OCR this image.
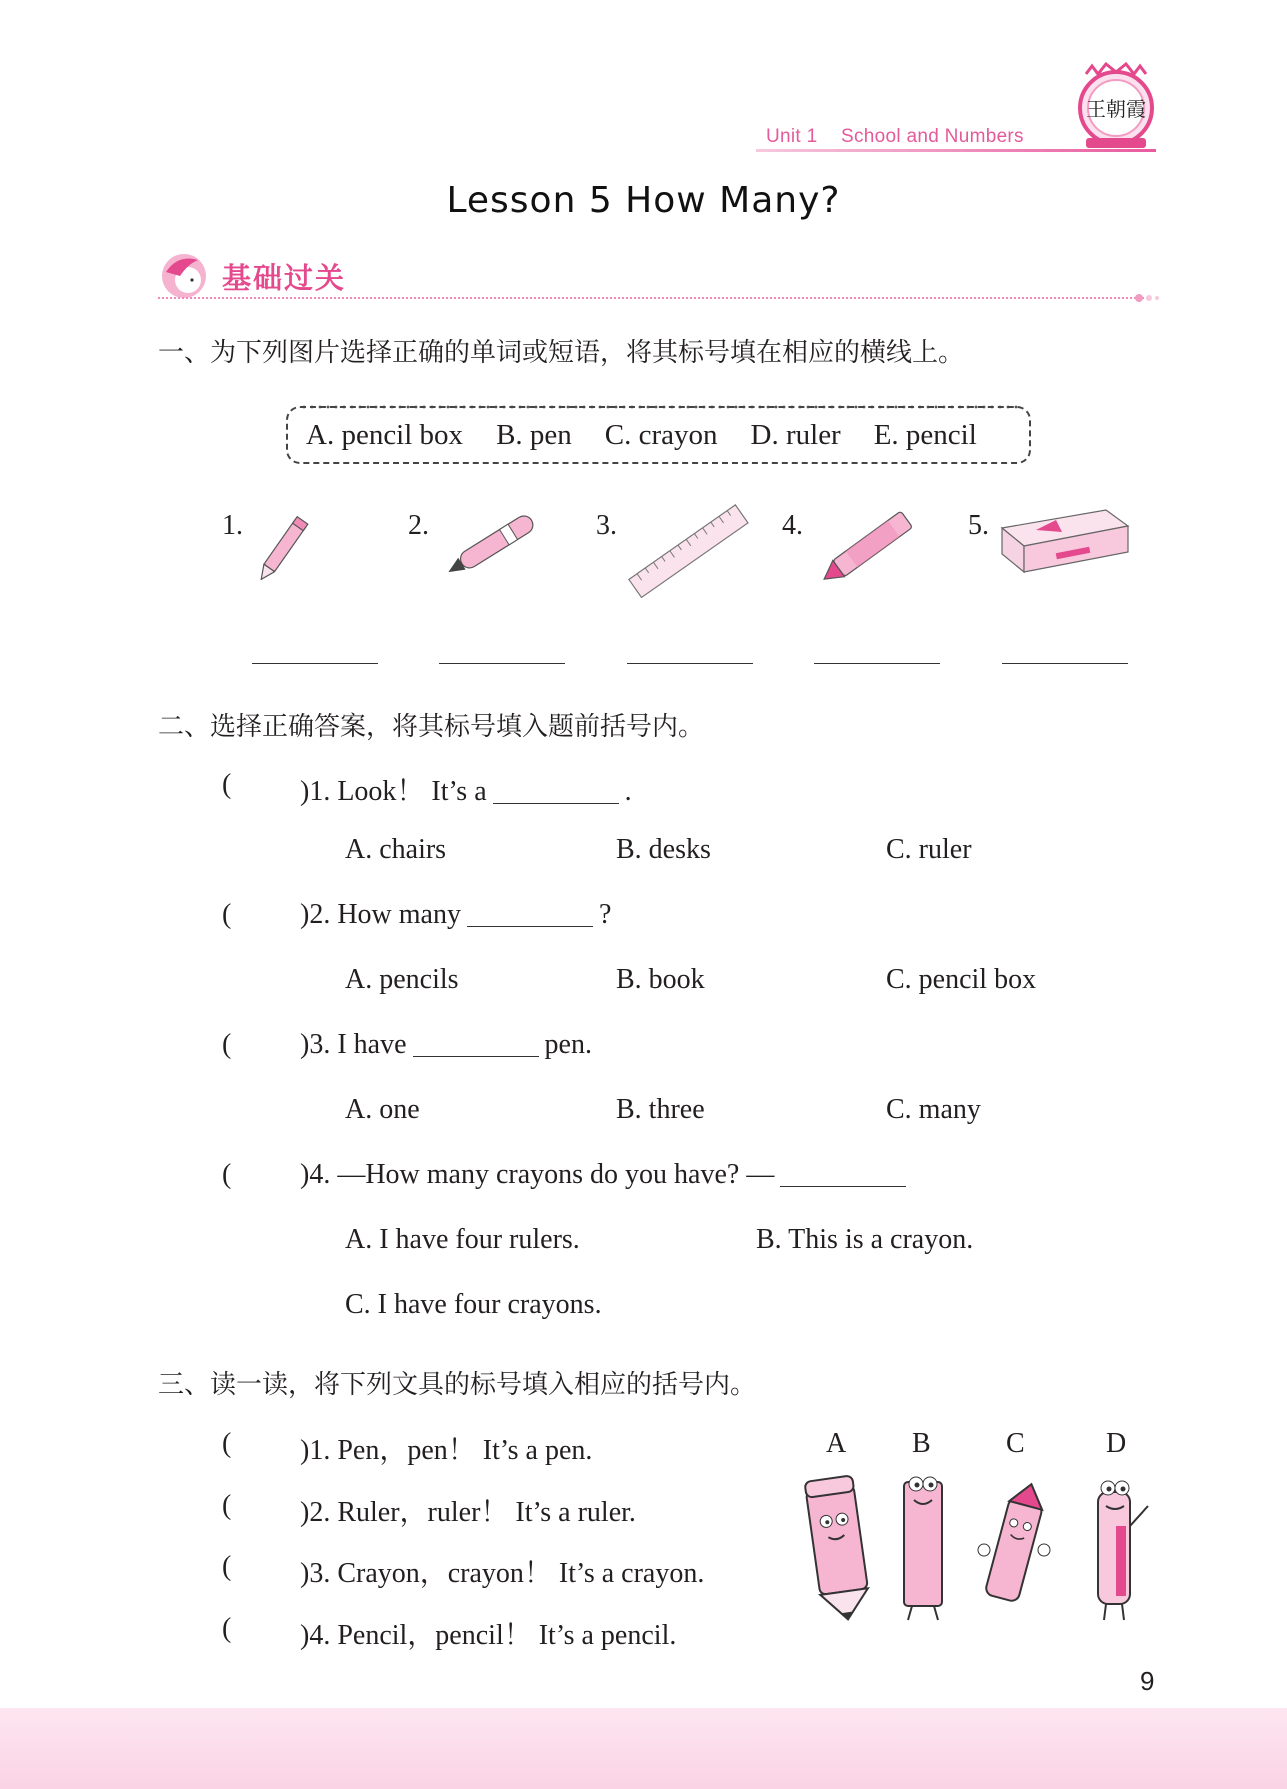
Unit 1 School and Numbers
王朝霞
Lesson 5 How Many?
基础过关
一、为下列图片选择正确的单词或短语，将其标号填在相应的横线上。
A. pencil box B. pen C. crayon D. ruler E. pencil
1.	2.	3.	4.	5.
二、选择正确答案，将其标号填入题前括号内。
( )1. Look！ It’s a	.
A. chairs	B. desks	C. ruler
( )2. How many	?
A. pencils	B. book	C. pencil box
( )3. I have	pen.
A. one	B. three	C. many
( )4. —How many crayons do you have? —
A. I have four rulers.	B. This is a crayon.
C. I have four crayons.
三、读一读，将下列文具的标号填入相应的括号内。
( )1. Pen，pen！ It’s a pen.
( )2. Ruler，ruler！ It’s a ruler.
( )3. Crayon，crayon！ It’s a crayon.
( )4. Pencil，pencil！ It’s a pencil.
A B	C	D
9
